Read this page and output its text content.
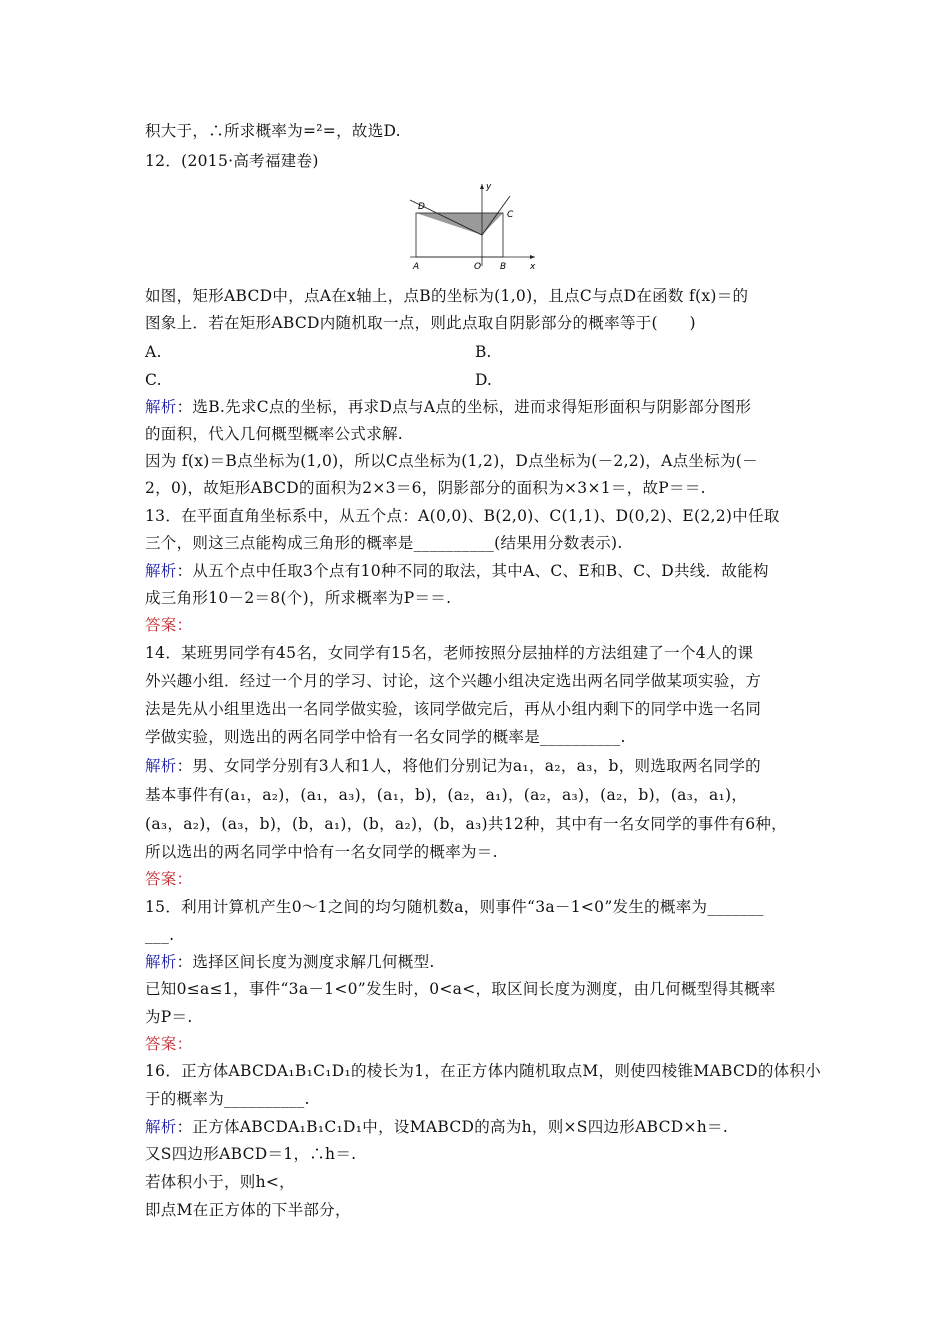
积大于，∴所求概率为=²=，故选D.
12．(2015·高考福建卷)
y
x
D
C
A	O B
如图，矩形ABCD中，点A在x轴上，点B的坐标为(1,0)，且点C与点D在函数 f(x)＝的
图象上．若在矩形ABCD内随机取一点，则此点取自阴影部分的概率等于(　　)
A.	B.
C.	D.
解析：选B.先求C点的坐标，再求D点与A点的坐标，进而求得矩形面积与阴影部分图形
的面积，代入几何概型概率公式求解.
因为 f(x)＝B点坐标为(1,0)，所以C点坐标为(1,2)，D点坐标为(－2,2)，A点坐标为(－
2，0)，故矩形ABCD的面积为2×3＝6，阴影部分的面积为×3×1＝，故P＝＝.
13．在平面直角坐标系中，从五个点：A(0,0)、B(2,0)、C(1,1)、D(0,2)、E(2,2)中任取
三个，则这三点能构成三角形的概率是__________(结果用分数表示).
解析：从五个点中任取3个点有10种不同的取法，其中A、C、E和B、C、D共线．故能构
成三角形10－2＝8(个)，所求概率为P＝＝.
答案：
14．某班男同学有45名，女同学有15名，老师按照分层抽样的方法组建了一个4人的课
外兴趣小组．经过一个月的学习、讨论，这个兴趣小组决定选出两名同学做某项实验，方
法是先从小组里选出一名同学做实验，该同学做完后，再从小组内剩下的同学中选一名同
学做实验，则选出的两名同学中恰有一名女同学的概率是__________.
解析：男、女同学分别有3人和1人，将他们分别记为a₁，a₂，a₃，b，则选取两名同学的
基本事件有(a₁，a₂)，(a₁，a₃)，(a₁，b)，(a₂，a₁)，(a₂，a₃)，(a₂，b)，(a₃，a₁)，
(a₃，a₂)，(a₃，b)，(b，a₁)，(b，a₂)，(b，a₃)共12种，其中有一名女同学的事件有6种，
所以选出的两名同学中恰有一名女同学的概率为＝.
答案：
15．利用计算机产生0～1之间的均匀随机数a，则事件“3a－1<0”发生的概率为_______
___.
解析：选择区间长度为测度求解几何概型.
已知0≤a≤1，事件“3a－1<0”发生时，0<a<，取区间长度为测度，由几何概型得其概率
为P＝.
答案：
16．正方体ABCDA₁B₁C₁D₁的棱长为1，在正方体内随机取点M，则使四棱锥MABCD的体积小
于的概率为__________.
解析：正方体ABCDA₁B₁C₁D₁中，设MABCD的高为h，则×S四边形ABCD×h＝.
又S四边形ABCD＝1，∴h＝.
若体积小于，则h<，
即点M在正方体的下半部分，
